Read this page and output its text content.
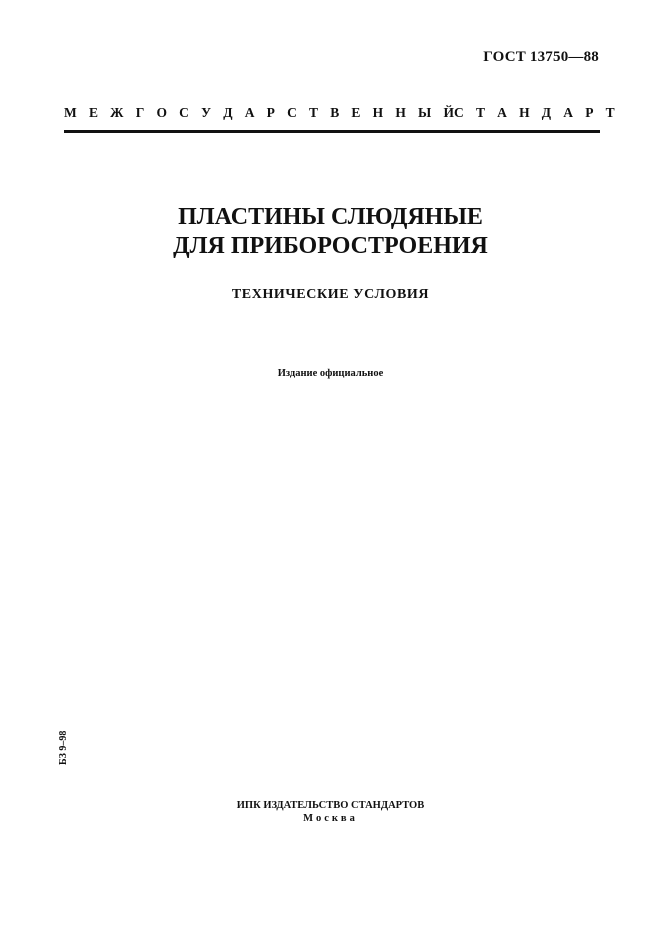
ГОСТ 13750—88
М Е Ж Г О С У Д А Р С Т В Е Н Н Ы Й С Т А Н Д А Р Т
ПЛАСТИНЫ СЛЮДЯНЫЕ
ДЛЯ ПРИБОРОСТРОЕНИЯ
ТЕХНИЧЕСКИЕ УСЛОВИЯ
Издание официальное
БЗ 9–98
ИПК ИЗДАТЕЛЬСТВО СТАНДАРТОВ
Москва
